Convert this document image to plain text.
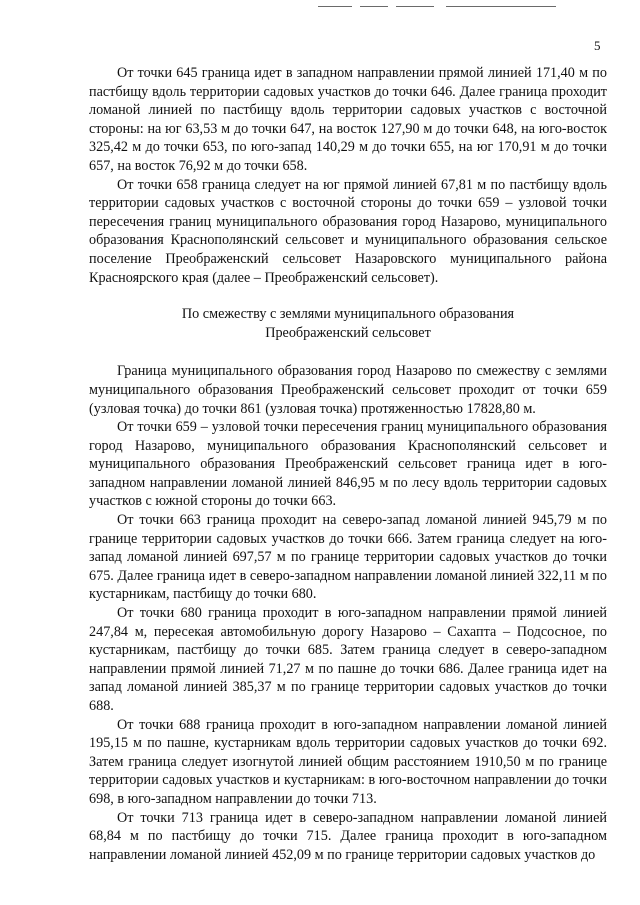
5

От точки 645 граница идет в западном направлении прямой линией 171,40 м по пастбищу вдоль территории садовых участков до точки 646. Далее граница проходит ломаной линией по пастбищу вдоль территории садовых участков с восточной стороны: на юг 63,53 м до точки 647, на восток 127,90 м до точки 648, на юго-восток 325,42 м до точки 653, по юго-запад 140,29 м до точки 655, на юг 170,91 м до точки 657, на восток 76,92 м до точки 658.

От точки 658 граница следует на юг прямой линией 67,81 м по пастбищу вдоль территории садовых участков с восточной стороны до точки 659 – узловой точки пересечения границ муниципального образования город Назарово, муниципального образования Краснополянский сельсовет и муниципального образования сельское поселение Преображенский сельсовет Назаровского муниципального района Красноярского края (далее – Преображенский сельсовет).

По смежеству с землями муниципального образования
Преображенский сельсовет

Граница муниципального образования город Назарово по смежеству с землями муниципального образования Преображенский сельсовет проходит от точки 659 (узловая точка) до точки 861 (узловая точка) протяженностью 17828,80 м.

От точки 659 – узловой точки пересечения границ муниципального образования город Назарово, муниципального образования Краснополянский сельсовет и муниципального образования Преображенский сельсовет граница идет в юго-западном направлении ломаной линией 846,95 м по лесу вдоль территории садовых участков с южной стороны до точки 663.

От точки 663 граница проходит на северо-запад ломаной линией 945,79 м по границе территории садовых участков до точки 666. Затем граница следует на юго-запад ломаной линией 697,57 м по границе территории садовых участков до точки 675. Далее граница идет в северо-западном направлении ломаной линией 322,11 м по кустарникам, пастбищу до точки 680.

От точки 680 граница проходит в юго-западном направлении прямой линией 247,84 м, пересекая автомобильную дорогу Назарово – Сахапта – Подсосное, по кустарникам, пастбищу до точки 685. Затем граница следует в северо-западном направлении прямой линией 71,27 м по пашне до точки 686. Далее граница идет на запад ломаной линией 385,37 м по границе территории садовых участков до точки 688.

От точки 688 граница проходит в юго-западном направлении ломаной линией 195,15 м по пашне, кустарникам вдоль территории садовых участков до точки 692. Затем граница следует изогнутой линией общим расстоянием 1910,50 м по границе территории садовых участков и кустарникам: в юго-восточном направлении до точки 698, в юго-западном направлении до точки 713.

От точки 713 граница идет в северо-западном направлении ломаной линией 68,84 м по пастбищу до точки 715. Далее граница проходит в юго-западном направлении ломаной линией 452,09 м по границе территории садовых участков до
